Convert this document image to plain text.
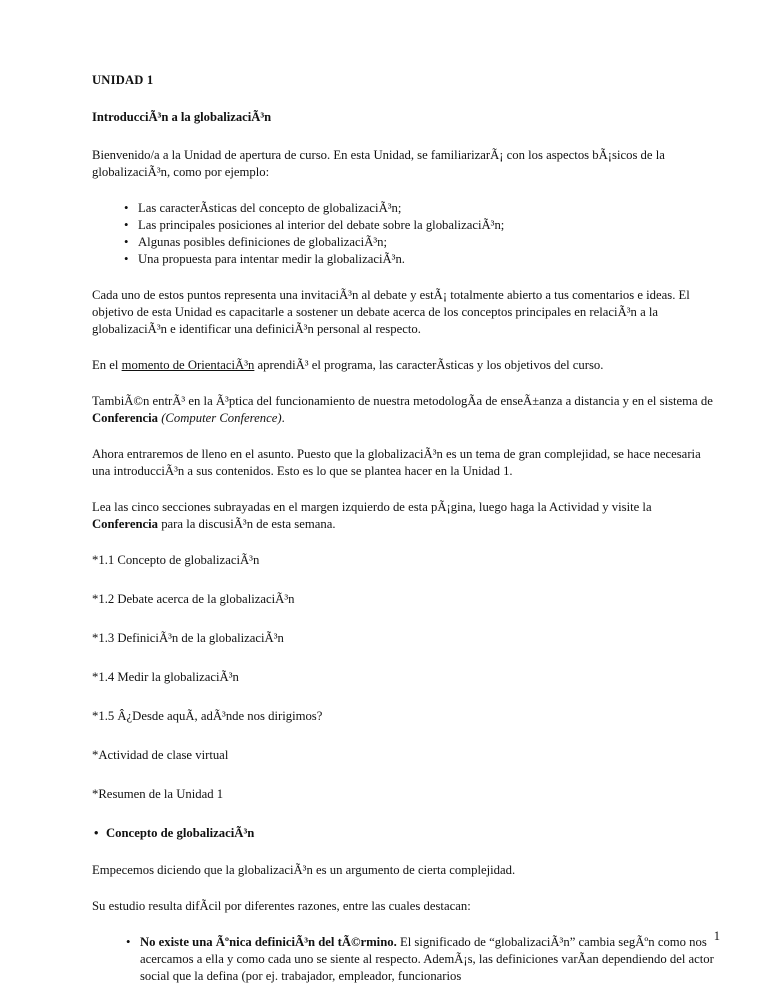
UNIDAD 1
IntroducciÃ³n a la globalizaciÃ³n

Bienvenido/a a la Unidad de apertura de curso. En esta Unidad, se familiarizarÃ¡ con los aspectos bÃ¡sicos de la globalizaciÃ³n, como por ejemplo:

• Las caracterÃsticas del concepto de globalizaciÃ³n;
• Las principales posiciones al interior del debate sobre la globalizaciÃ³n;
• Algunas posibles definiciones de globalizaciÃ³n;
• Una propuesta para intentar medir la globalizaciÃ³n.

Cada uno de estos puntos representa una invitaciÃ³n al debate y estÃ¡ totalmente abierto a tus comentarios e ideas. El objetivo de esta Unidad es capacitarle a sostener un debate acerca de los conceptos principales en relaciÃ³n a la globalizaciÃ³n e identificar una definiciÃ³n personal al respecto.

En el momento de OrientaciÃ³n aprendiÃ³ el programa, las caracterÃsticas y los objetivos del curso.

TambiÃ©n entrÃ³ en la Ã³ptica del funcionamiento de nuestra metodologÃa de enseÃ±anza a distancia y en el sistema de Conferencia (Computer Conference).

Ahora entraremos de lleno en el asunto. Puesto que la globalizaciÃ³n es un tema de gran complejidad, se hace necesaria una introducciÃ³n a sus contenidos. Esto es lo que se plantea hacer en la Unidad 1.

Lea las cinco secciones subrayadas en el margen izquierdo de esta pÃ¡gina, luego haga la Actividad y visite la Conferencia para la discusiÃ³n de esta semana.

*1.1 Concepto de globalizaciÃ³n
*1.2 Debate acerca de la globalizaciÃ³n
*1.3 DefiniciÃ³n de la globalizaciÃ³n
*1.4 Medir la globalizaciÃ³n
*1.5 Â¿Desde aquÃ, adÃ³nde nos dirigimos?
*Actividad de clase virtual
*Resumen de la Unidad 1
• Concepto de globalizaciÃ³n

Empecemos diciendo que la globalizaciÃ³n es un argumento de cierta complejidad.

Su estudio resulta difÃcil por diferentes razones, entre las cuales destacan:

• No existe una Ãºnica definiciÃ³n del tÃ©rmino. El significado de “globalizaciÃ³n” cambia segÃºn como nos acercamos a ella y como cada uno se siente al respecto. AdemÃ¡s, las definiciones varÃan dependiendo del actor social que la defina (por ej. trabajador, empleador, funcionarios
1
